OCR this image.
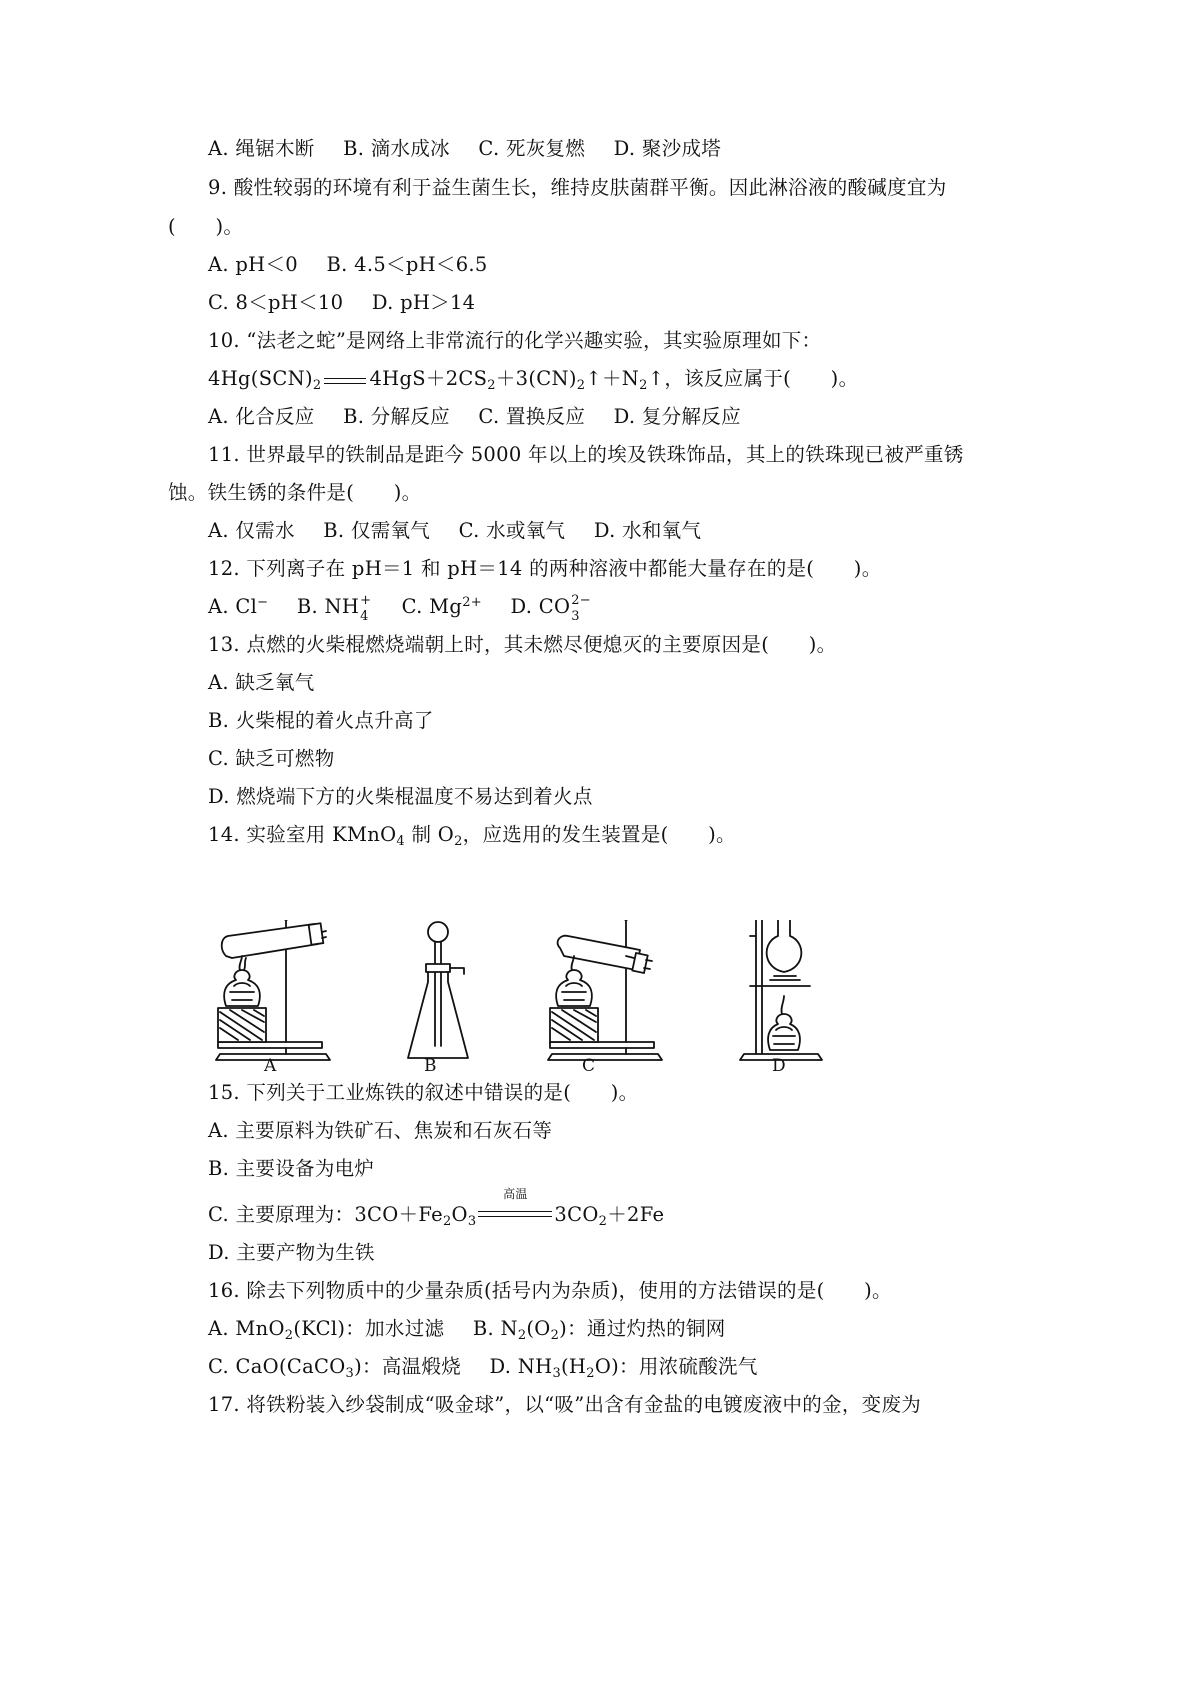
A. 绳锯木断 B. 滴水成冰 C. 死灰复燃 D. 聚沙成塔
9. 酸性较弱的环境有利于益生菌生长，维持皮肤菌群平衡。因此淋浴液的酸碱度宜为
(　　)。
A. pH＜0 B. 4.5＜pH＜6.5
C. 8＜pH＜10 D. pH＞14
10. “法老之蛇”是网络上非常流行的化学兴趣实验，其实验原理如下：
$4Hg(SCN)_2$ $4HgS+2CS_2+3(CN)_2↑+N_2↑$，该反应属于(　　)。
A. 化合反应 B. 分解反应 C. 置换反应 D. 复分解反应
11. 世界最早的铁制品是距今 5000 年以上的埃及铁珠饰品，其上的铁珠现已被严重锈
蚀。铁生锈的条件是(　　)。
A. 仅需水 B. 仅需氧气 C. 水或氧气 D. 水和氧气
12. 下列离子在 pH＝1 和 pH＝14 的两种溶液中都能大量存在的是(　　)。
A. Cl− B. NH +
4 C. $Mg^{2+}$ D. CO 2−
3
13. 点燃的火柴棍燃烧端朝上时，其未燃尽便熄灭的主要原因是(　　)。
A. 缺乏氧气
B. 火柴棍的着火点升高了
C. 缺乏可燃物
D. 燃烧端下方的火柴棍温度不易达到着火点
14. 实验室用 KMnO$_4$ 制 $O_2$，应选用的发生装置是(　　)。
A	B	C	D
15. 下列关于工业炼铁的叙述中错误的是(　　)。
A. 主要原料为铁矿石、焦炭和石灰石等
B. 主要设备为电炉
C. 主要原理为：$3CO+Fe_2O_3$
高温
$3CO_2+2Fe$
D. 主要产物为生铁
16. 除去下列物质中的少量杂质(括号内为杂质)，使用的方法错误的是(　　)。
A. MnO$_2$(KCl)：加水过滤 B. $N_2(O_2)$：通过灼热的铜网
C. CaO(CaCO$_3$)：高温煅烧 D. $NH_3(H_2O)$：用浓硫酸洗气
17. 将铁粉装入纱袋制成“吸金球”，以“吸”出含有金盐的电镀废液中的金，变废为
